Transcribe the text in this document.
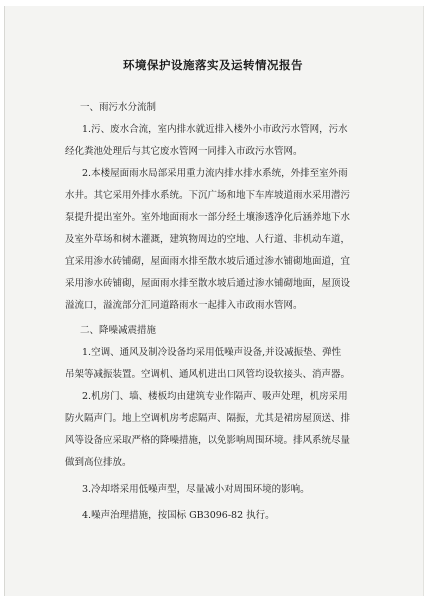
环境保护设施落实及运转情况报告
一、雨污水分流制
1.污、废水合流，室内排水就近排入楼外小市政污水管网，污水
经化粪池处理后与其它废水管网一同排入市政污水管网。
2.本楼屋面雨水局部采用重力流内排水排水系统，外排至室外雨
水井。其它采用外排水系统。下沉广场和地下车库坡道雨水采用潜污
泵提升提出室外。室外地面雨水一部分经土壤渗透净化后涵养地下水
及室外草场和树木灌溉，建筑物周边的空地、人行道、非机动车道，
宜采用渗水砖铺砌，屋面雨水排至散水坡后通过渗水铺砌地面道，宜
采用渗水砖铺砌，屋面雨水排至散水坡后通过渗水铺砌地面，屋顶设
溢流口，溢流部分汇同道路雨水一起排入市政雨水管网。
二、降噪减震措施
1.空调、通风及制冷设备均采用低噪声设备,并设减振垫、弹性
吊架等减振装置。空调机、通风机进出口风管均设软接头、消声器。
2.机房门、墙、楼板均由建筑专业作隔声、吸声处理，机房采用
防火隔声门。地上空调机房考虑隔声、隔振，尤其是裙房屋顶送、排
风等设备应采取严格的降噪措施，以免影响周围环境。排风系统尽量
做到高位排放。
3.冷却塔采用低噪声型，尽量减小对周围环境的影响。
4.噪声治理措施，按国标 GB3096-82 执行。
